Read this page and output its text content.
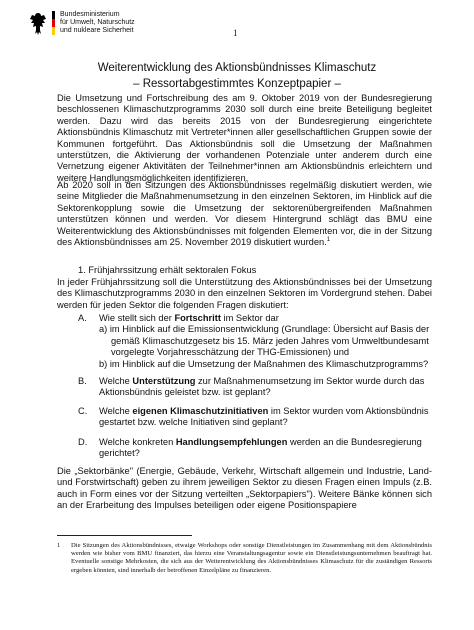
Bundesministerium
für Umwelt, Naturschutz
und nukleare Sicherheit	1
Weiterentwicklung des Aktionsbündnisses Klimaschutz
– Ressortabgestimmtes Konzeptpapier –
Die Umsetzung und Fortschreibung des am 9. Oktober 2019 von der Bundesregierung beschlossenen Klimaschutzprogramms 2030 soll durch eine breite Beteiligung begleitet werden. Dazu wird das bereits 2015 von der Bundesregierung eingerichtete Aktionsbündnis Klimaschutz mit Vertreter*innen aller gesellschaftlichen Gruppen sowie der Kommunen fortgeführt. Das Aktionsbündnis soll die Umsetzung der Maßnahmen unterstützen, die Aktivierung der vorhandenen Potenziale unter anderem durch eine Vernetzung eigener Aktivitäten der Teilnehmer*innen am Aktionsbündnis erleichtern und weitere Handlungsmöglichkeiten identifizieren.
Ab 2020 soll in den Sitzungen des Aktionsbündnisses regelmäßig diskutiert werden, wie seine Mitglieder die Maßnahmenumsetzung in den einzelnen Sektoren, im Hinblick auf die Sektorenkopplung sowie die Umsetzung der sektorenübergreifenden Maßnahmen unterstützen können und werden. Vor diesem Hintergrund schlägt das BMU eine Weiterentwicklung des Aktionsbündnisses mit folgenden Elementen vor, die in der Sitzung des Aktionsbündnisses am 25. November 2019 diskutiert wurden.$^1$
1. Frühjahrssitzung erhält sektoralen Fokus
In jeder Frühjahrssitzung soll die Unterstützung des Aktionsbündnisses bei der Umsetzung des Klimaschutzprogramms 2030 in den einzelnen Sektoren im Vordergrund stehen. Dabei werden für jeden Sektor die folgenden Fragen diskutiert:
A. Wie stellt sich der Fortschritt im Sektor dar
a) im Hinblick auf die Emissionsentwicklung (Grundlage: Übersicht auf Basis der gemäß Klimaschutzgesetz bis 15. März jeden Jahres vom Umweltbundesamt vorgelegte Vorjahresschätzung der THG-Emissionen) und
b) im Hinblick auf die Umsetzung der Maßnahmen des Klimaschutzprogramms?
B. Welche Unterstützung zur Maßnahmenumsetzung im Sektor wurde durch das Aktionsbündnis geleistet bzw. ist geplant?
C. Welche eigenen Klimaschutzinitiativen im Sektor wurden vom Aktionsbündnis gestartet bzw. welche Initiativen sind geplant?
D. Welche konkreten Handlungsempfehlungen werden an die Bundesregierung gerichtet?
Die „Sektorbänke" (Energie, Gebäude, Verkehr, Wirtschaft allgemein und Industrie, Land- und Forstwirtschaft) geben zu ihrem jeweiligen Sektor zu diesen Fragen einen Impuls (z.B. auch in Form eines vor der Sitzung verteilten „Sektorpapiers"). Weitere Bänke können sich an der Erarbeitung des Impulses beteiligen oder eigene Positionspapiere
1 Die Sitzungen des Aktionsbündnisses, etwaige Workshops oder sonstige Dienstleistungen im Zusammenhang mit dem Aktionsbündnis werden wie bisher vom BMU finanziert, das hierzu eine Veranstaltungsagentur sowie ein Dienstleistungsunternehmen beauftragt hat. Eventuelle sonstige Mehrkosten, die sich aus der Weiterentwicklung des Aktionsbündnisses Klimaschutz für die zuständigen Ressorts ergeben könnten, sind innerhalb der betroffenen Einzelpläne zu finanzieren.
